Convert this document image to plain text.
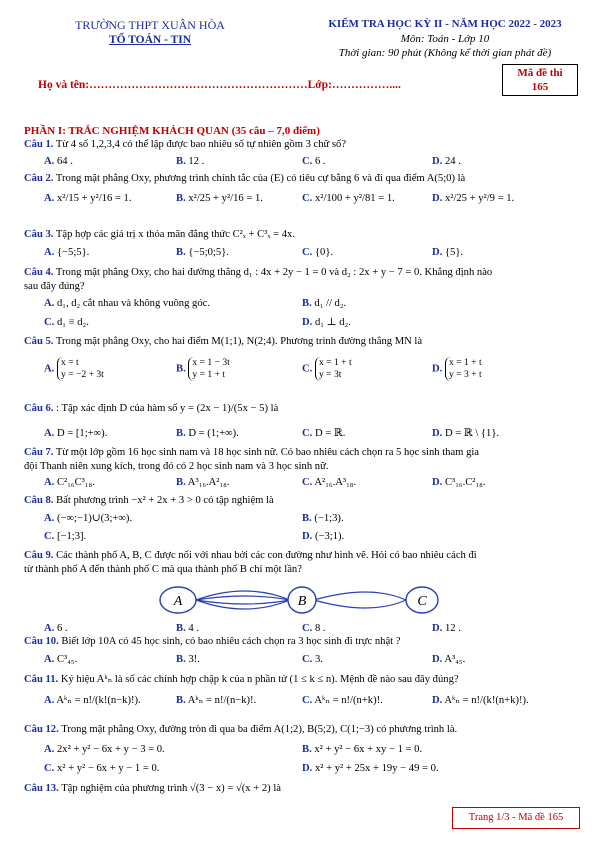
TRƯỜNG THPT XUÂN HÒA
TỔ TOÁN - TIN
KIỂM TRA HỌC KỲ II - NĂM HỌC 2022 - 2023
Môn: Toán - Lớp 10
Thời gian: 90 phút (Không kể thời gian phát đề)
Họ và tên:…………………………………………………Lớp:……………....
Mã đề thi
165
PHẦN I: TRẮC NGHIỆM KHÁCH QUAN (35 câu – 7,0 điểm)
Câu 1. Từ 4 số 1,2,3,4 có thể lập được bao nhiêu số tự nhiên gồm 3 chữ số?
A. 64 .	B. 12 .	C. 6 .	D. 24 .
Câu 2. Trong mặt phẳng Oxy, phương trình chính tắc của (E) có tiêu cự bằng 6 và đi qua điểm A(5;0) là
A. x²/15 + y²/16 = 1.	B. x²/25 + y²/16 = 1.	C. x²/100 + y²/81 = 1.	D. x²/25 + y²/9 = 1.
Câu 3. Tập hợp các giá trị x thỏa mãn đẳng thức C²ₓ + C³ₓ = 4x.
A. {−5;5}.	B. {−5;0;5}.	C. {0}.	D. {5}.
Câu 4. Trong mặt phẳng Oxy, cho hai đường thẳng d₁ : 4x + 2y − 1 = 0 và d₂ : 2x + y − 7 = 0. Khẳng định nào
sau đây đúng?
A. d₁, d₂ cắt nhau và không vuông góc.	B. d₁ // d₂.
C. d₁ ≡ d₂.	D. d₁ ⊥ d₂.
Câu 5. Trong mặt phẳng Oxy, cho hai điểm M(1;1), N(2;4). Phương trình đường thẳng MN là
A.
x = t
y = −2 + 3t
B.
x = 1 − 3t
y = 1 + t
C.
x = 1 + t
y = 3t
D.
x = 1 + t
y = 3 + t
Câu 6. : Tập xác định D của hàm số y = (2x − 1)/(5x − 5) là
A. D = [1;+∞).	B. D = (1;+∞).	C. D = ℝ.	D. D = ℝ \ {1}.
Câu 7. Từ một lớp gồm 16 học sinh nam và 18 học sinh nữ. Có bao nhiêu cách chọn ra 5 học sinh tham gia
đội Thanh niên xung kích, trong đó có 2 học sinh nam và 3 học sinh nữ.
A. C²₁₆C³₁₈.	B. A³₁₆.A²₁₈.	C. A²₁₆.A³₁₈.	D. C³₁₆.C²₁₈.
Câu 8. Bất phương trình −x² + 2x + 3 > 0 có tập nghiệm là
A. (−∞;−1)∪(3;+∞).	B. (−1;3).
C. [−1;3].	D. (−3;1).
Câu 9. Các thành phố A, B, C được nối với nhau bởi các con đường như hình vẽ. Hỏi có bao nhiêu cách đi
từ thành phố A đến thành phố C mà qua thành phố B chỉ một lần?
A	B	C
A. 6 .	B. 4 .	C. 8 .	D. 12 .
Câu 10. Biết lớp 10A có 45 học sinh, có bao nhiêu cách chọn ra 3 học sinh đi trực nhật ?
A. C³₄₅.	B. 3!.	C. 3.	D. A³₄₅.
Câu 11. Ký hiệu Aᵏₙ là số các chỉnh hợp chập k của n phần tử (1 ≤ k ≤ n). Mệnh đề nào sau đây đúng?
A. Aᵏₙ = n!/(k!(n−k)!).	B. Aᵏₙ = n!/(n−k)!.	C. Aᵏₙ = n!/(n+k)!.	D. Aᵏₙ = n!/(k!(n+k)!).
Câu 12. Trong mặt phẳng Oxy, đường tròn đi qua ba điểm A(1;2), B(5;2), C(1;−3) có phương trình là.
A. 2x² + y² − 6x + y − 3 = 0.	B. x² + y² − 6x + xy − 1 = 0.
C. x² + y² − 6x + y − 1 = 0.	D. x² + y² + 25x + 19y − 49 = 0.
Câu 13. Tập nghiệm của phương trình √(3 − x) = √(x + 2) là
Trang 1/3 - Mã đề 165
